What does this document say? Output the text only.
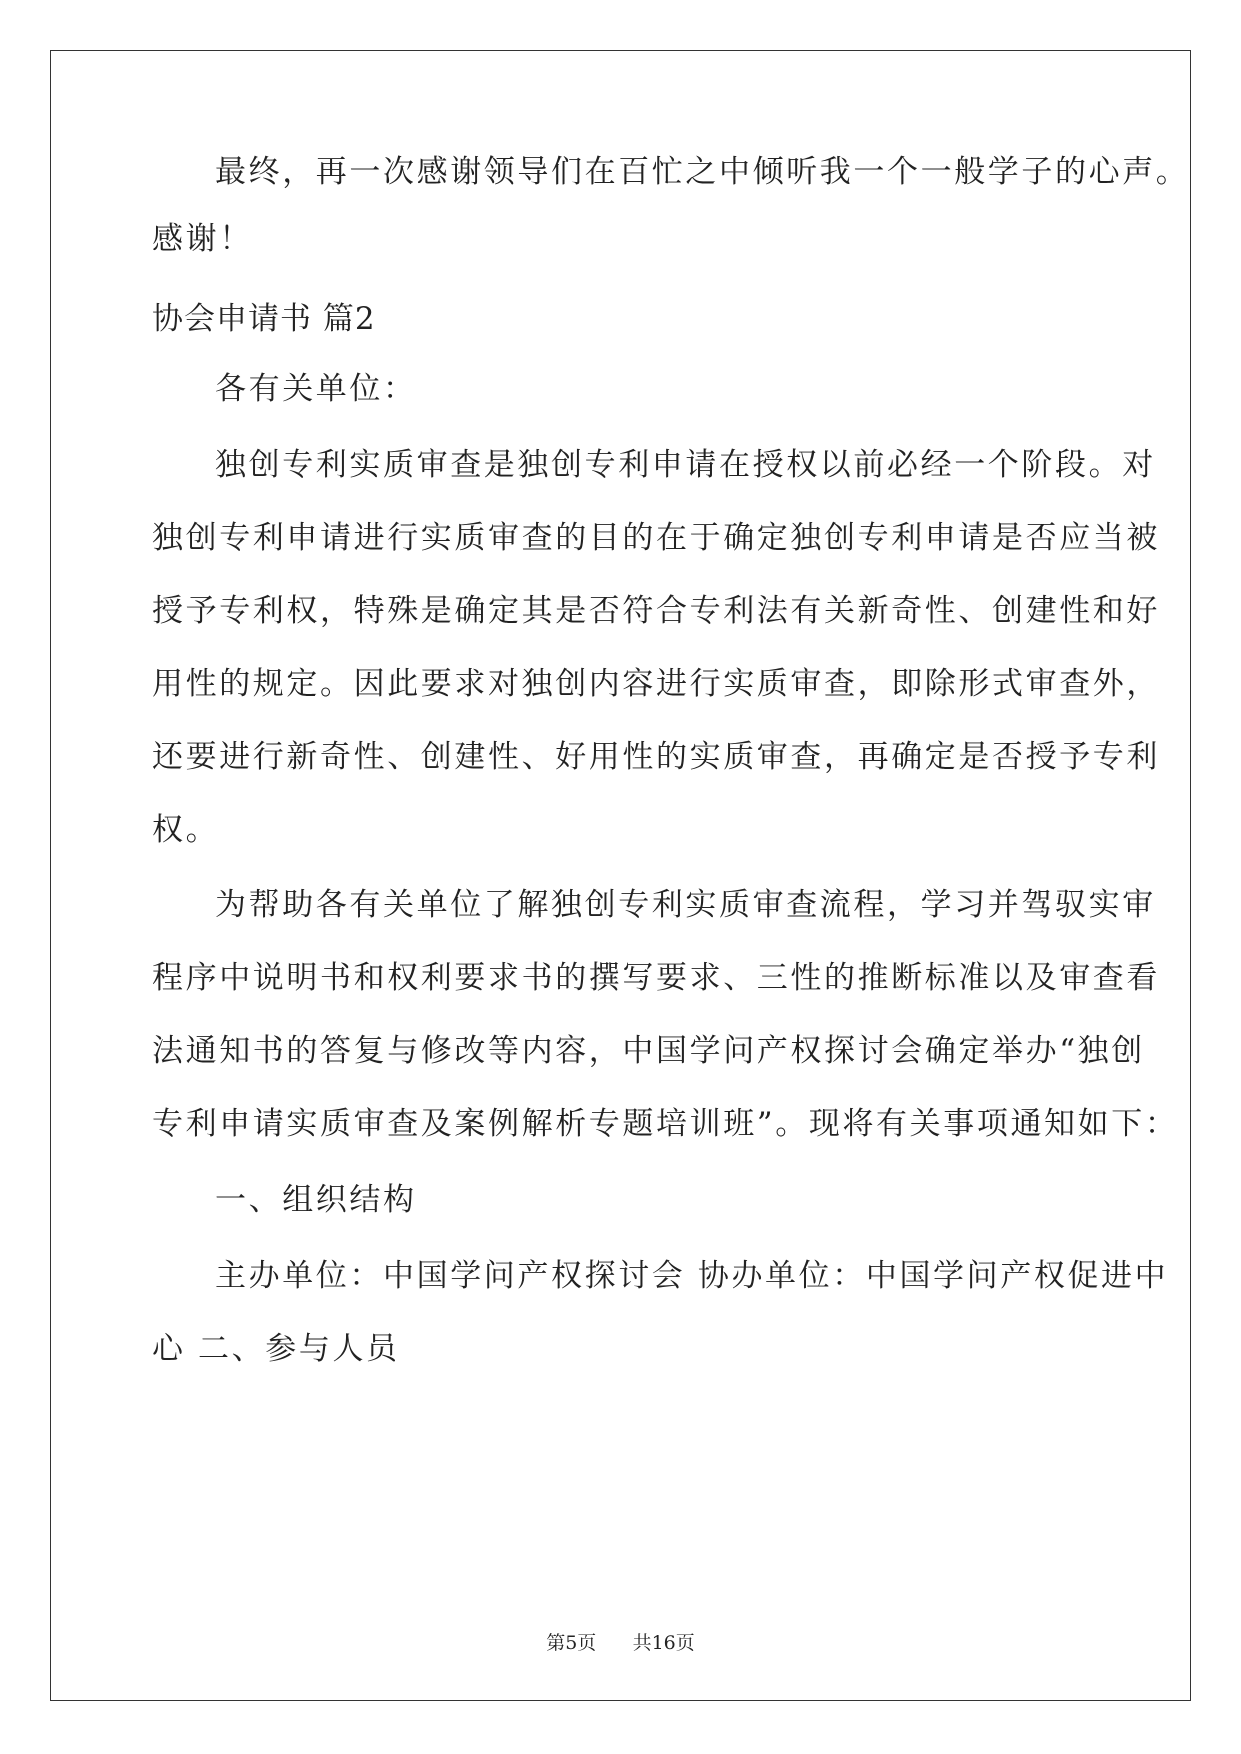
最终，再一次感谢领导们在百忙之中倾听我一个一般学子的心声。

感谢！

协会申请书 篇2

各有关单位：

独创专利实质审查是独创专利申请在授权以前必经一个阶段。对

独创专利申请进行实质审查的目的在于确定独创专利申请是否应当被

授予专利权，特殊是确定其是否符合专利法有关新奇性、创建性和好

用性的规定。因此要求对独创内容进行实质审查，即除形式审查外，

还要进行新奇性、创建性、好用性的实质审查，再确定是否授予专利

权。

为帮助各有关单位了解独创专利实质审查流程，学习并驾驭实审

程序中说明书和权利要求书的撰写要求、三性的推断标准以及审查看

法通知书的答复与修改等内容，中国学问产权探讨会确定举办“独创

专利申请实质审查及案例解析专题培训班”。现将有关事项通知如下：

一、组织结构

主办单位：中国学问产权探讨会 协办单位：中国学问产权促进中

心 二、参与人员

第5页 共16页
